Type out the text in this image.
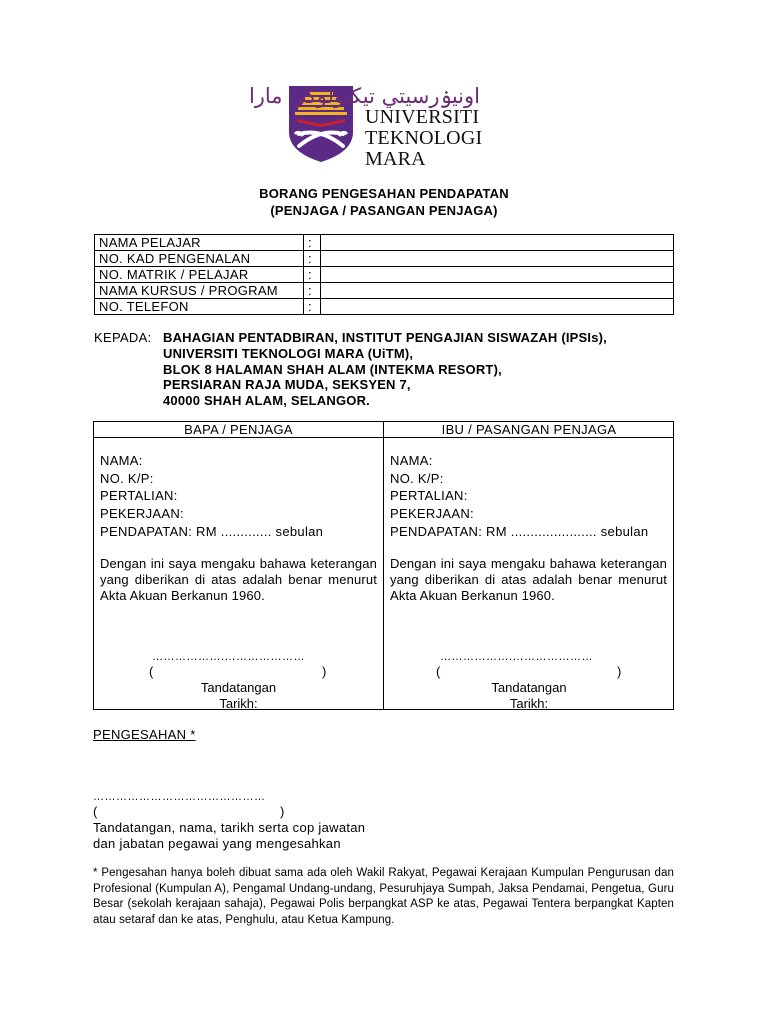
اونيۏرسيتي تيكنولوڬي مارا
UNIVERSITI
TEKNOLOGI
MARA
BORANG PENGESAHAN PENDAPATAN
(PENJAGA / PASANGAN PENJAGA)
NAMA PELAJAR	:	
NO. KAD PENGENALAN	:	
NO. MATRIK / PELAJAR	:	
NAMA KURSUS / PROGRAM	:	
NO. TELEFON	:	
KEPADA: BAHAGIAN PENTADBIRAN, INSTITUT PENGAJIAN SISWAZAH (IPSIs),
UNIVERSITI TEKNOLOGI MARA (UiTM),
BLOK 8 HALAMAN SHAH ALAM (INTEKMA RESORT),
PERSIARAN RAJA MUDA, SEKSYEN 7,
40000 SHAH ALAM, SELANGOR.
BAPA / PENJAGA	IBU / PASANGAN PENJAGA
NAMA:
NO. K/P:
PERTALIAN:
PEKERJAAN:
PENDAPATAN: RM ............. sebulan
Dengan ini saya mengaku bahawa keterangan yang diberikan di atas adalah benar menurut Akta Akuan Berkanun 1960.
……………….…………………
(	)
Tandatangan
Tarikh:
NAMA:
NO. K/P:
PERTALIAN:
PEKERJAAN:
PENDAPATAN: RM ...................... sebulan
Dengan ini saya mengaku bahawa keterangan yang diberikan di atas adalah benar menurut Akta Akuan Berkanun 1960.
……………….…………………
(	)
Tandatangan
Tarikh:
PENGESAHAN *
………………………………………
(	)
Tandatangan, nama, tarikh serta cop jawatan
dan jabatan pegawai yang mengesahkan
* Pengesahan hanya boleh dibuat sama ada oleh Wakil Rakyat, Pegawai Kerajaan Kumpulan Pengurusan dan Profesional (Kumpulan A), Pengamal Undang-undang, Pesuruhjaya Sumpah, Jaksa Pendamai, Pengetua, Guru Besar (sekolah kerajaan sahaja), Pegawai Polis berpangkat ASP ke atas, Pegawai Tentera berpangkat Kapten atau setaraf dan ke atas, Penghulu, atau Ketua Kampung.
